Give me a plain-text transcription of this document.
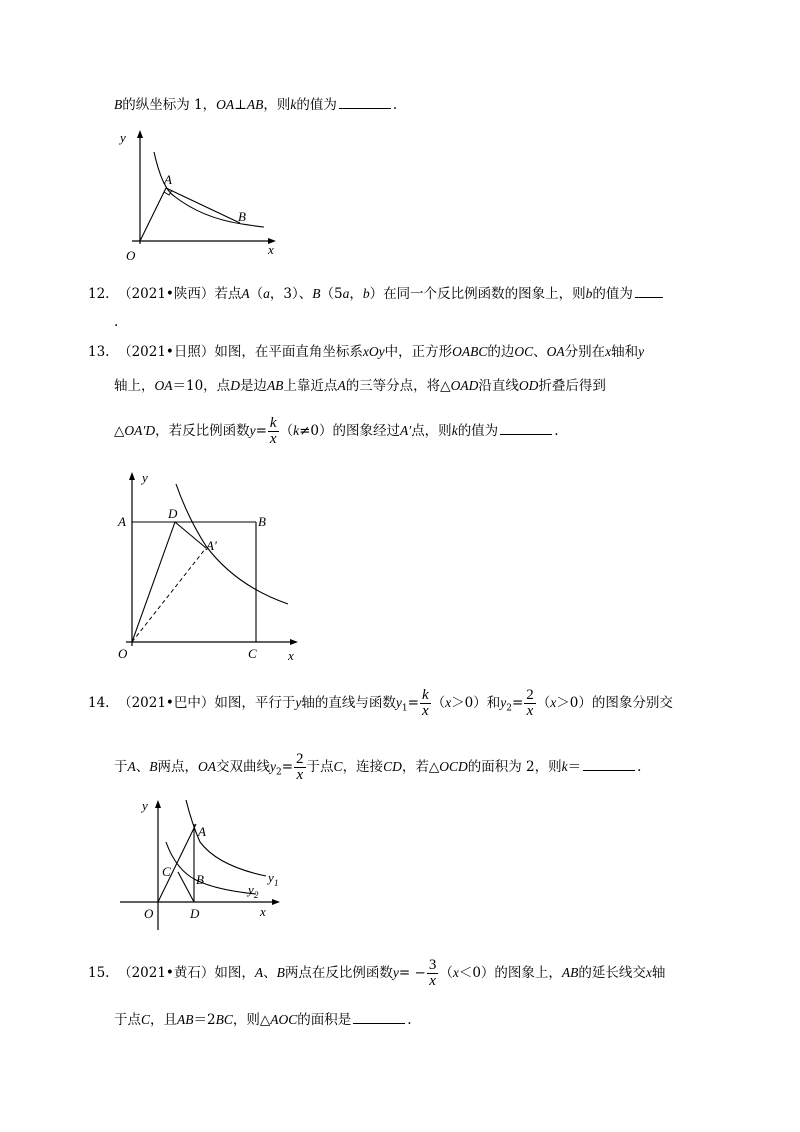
B的纵坐标为 1，OA⊥AB，则k的值为	.
y
x
O
A
B
12. （2021•陕西）若点A（a，3）、B（5a，b）在同一个反比例函数的图象上，则b的值为
.
13. （2021•日照）如图，在平面直角坐标系xOy中，正方形OABC的边OC、OA分别在x轴和y
轴上，OA＝10，点D是边AB上靠近点A的三等分点，将△OAD沿直线OD折叠后得到
△OA′D，若反比例函数$y= \frac{k}{x} (k\ne 0)$的图象经过A′点，则k的值为	.
y
x
A	B
O	C
D
A′
14. （2021•巴中）如图，平行于y轴的直线与函数$y_1= \frac{k}{x} (x>0)$和$y_2= \frac{2}{x} (x>0)$的图象分别交
于A、B两点，OA交双曲线$y_2= \frac{2}{x}$ 于点C，连接CD，若△OCD的面积为 2，则k＝	.
y
x
O
A
B
C
D
y 1
y 2
15. （2021•黄石）如图，A、B两点在反比例函数$y= - \frac{3}{x} (x<0)$的图象上，AB的延长线交x轴
于点C，且AB＝2BC，则△AOC的面积是	.
